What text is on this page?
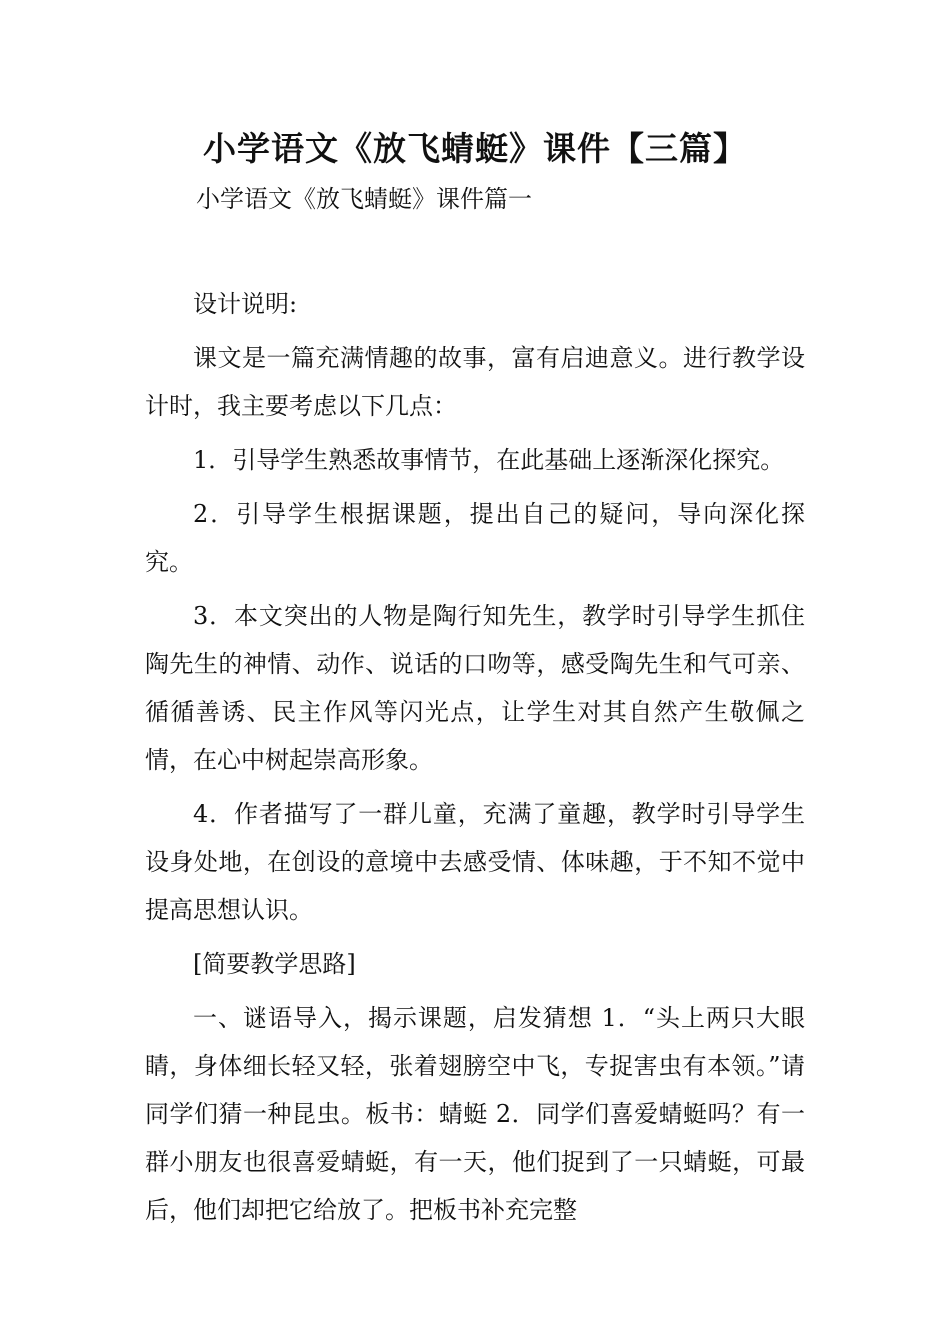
小学语文《放飞蜻蜓》课件【三篇】
小学语文《放飞蜻蜓》课件篇一

设计说明:

课文是一篇充满情趣的故事，富有启迪意义。进行教学设计时，我主要考虑以下几点：

1．引导学生熟悉故事情节，在此基础上逐渐深化探究。

2．引导学生根据课题，提出自己的疑问，导向深化探究。

3．本文突出的人物是陶行知先生，教学时引导学生抓住陶先生的神情、动作、说话的口吻等，感受陶先生和气可亲、循循善诱、民主作风等闪光点，让学生对其自然产生敬佩之情，在心中树起崇高形象。

4．作者描写了一群儿童，充满了童趣，教学时引导学生设身处地，在创设的意境中去感受情、体味趣，于不知不觉中提高思想认识。

[简要教学思路]

一、谜语导入，揭示课题，启发猜想 1．“头上两只大眼睛，身体细长轻又轻，张着翅膀空中飞，专捉害虫有本领。”请同学们猜一种昆虫。板书：蜻蜓 2．同学们喜爱蜻蜓吗？有一群小朋友也很喜爱蜻蜓，有一天，他们捉到了一只蜻蜓，可最后，他们却把它给放了。把板书补充完整
